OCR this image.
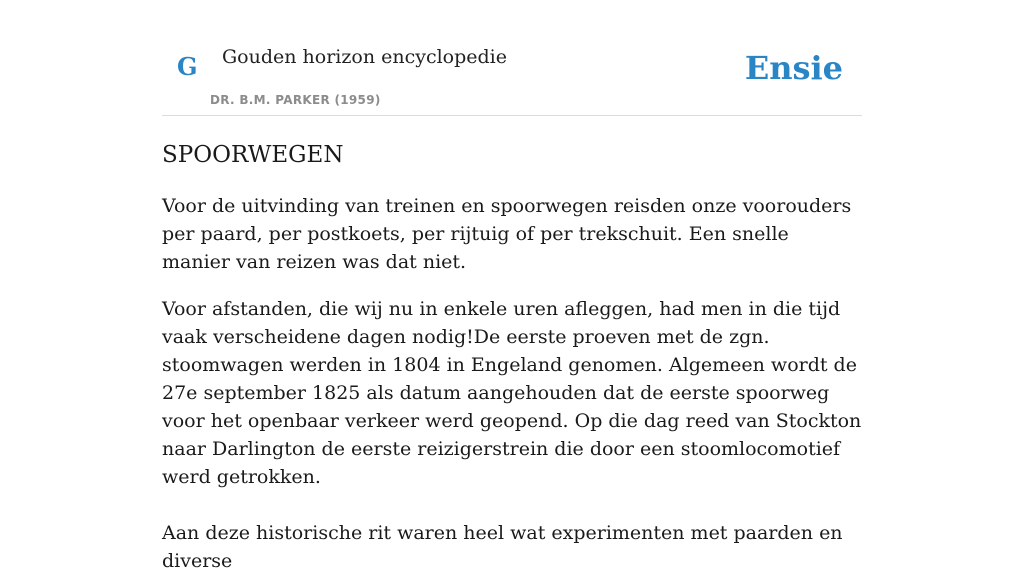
G Gouden horizon encyclopedie
DR. B.M. PARKER (1959)
Ensie
SPOORWEGEN

Voor de uitvinding van treinen en spoorwegen reisden onze voorouders per paard, per postkoets, per rijtuig of per trekschuit. Een snelle manier van reizen was dat niet.

Voor afstanden, die wij nu in enkele uren afleggen, had men in die tijd vaak verscheidene dagen nodig!De eerste proeven met de zgn. stoomwagen werden in 1804 in Engeland genomen. Algemeen wordt de 27e september 1825 als datum aangehouden dat de eerste spoorweg voor het openbaar verkeer werd geopend. Op die dag reed van Stockton naar Darlington de eerste reizigerstrein die door een stoomlocomotief werd getrokken.

Aan deze historische rit waren heel wat experimenten met paarden en diverse
